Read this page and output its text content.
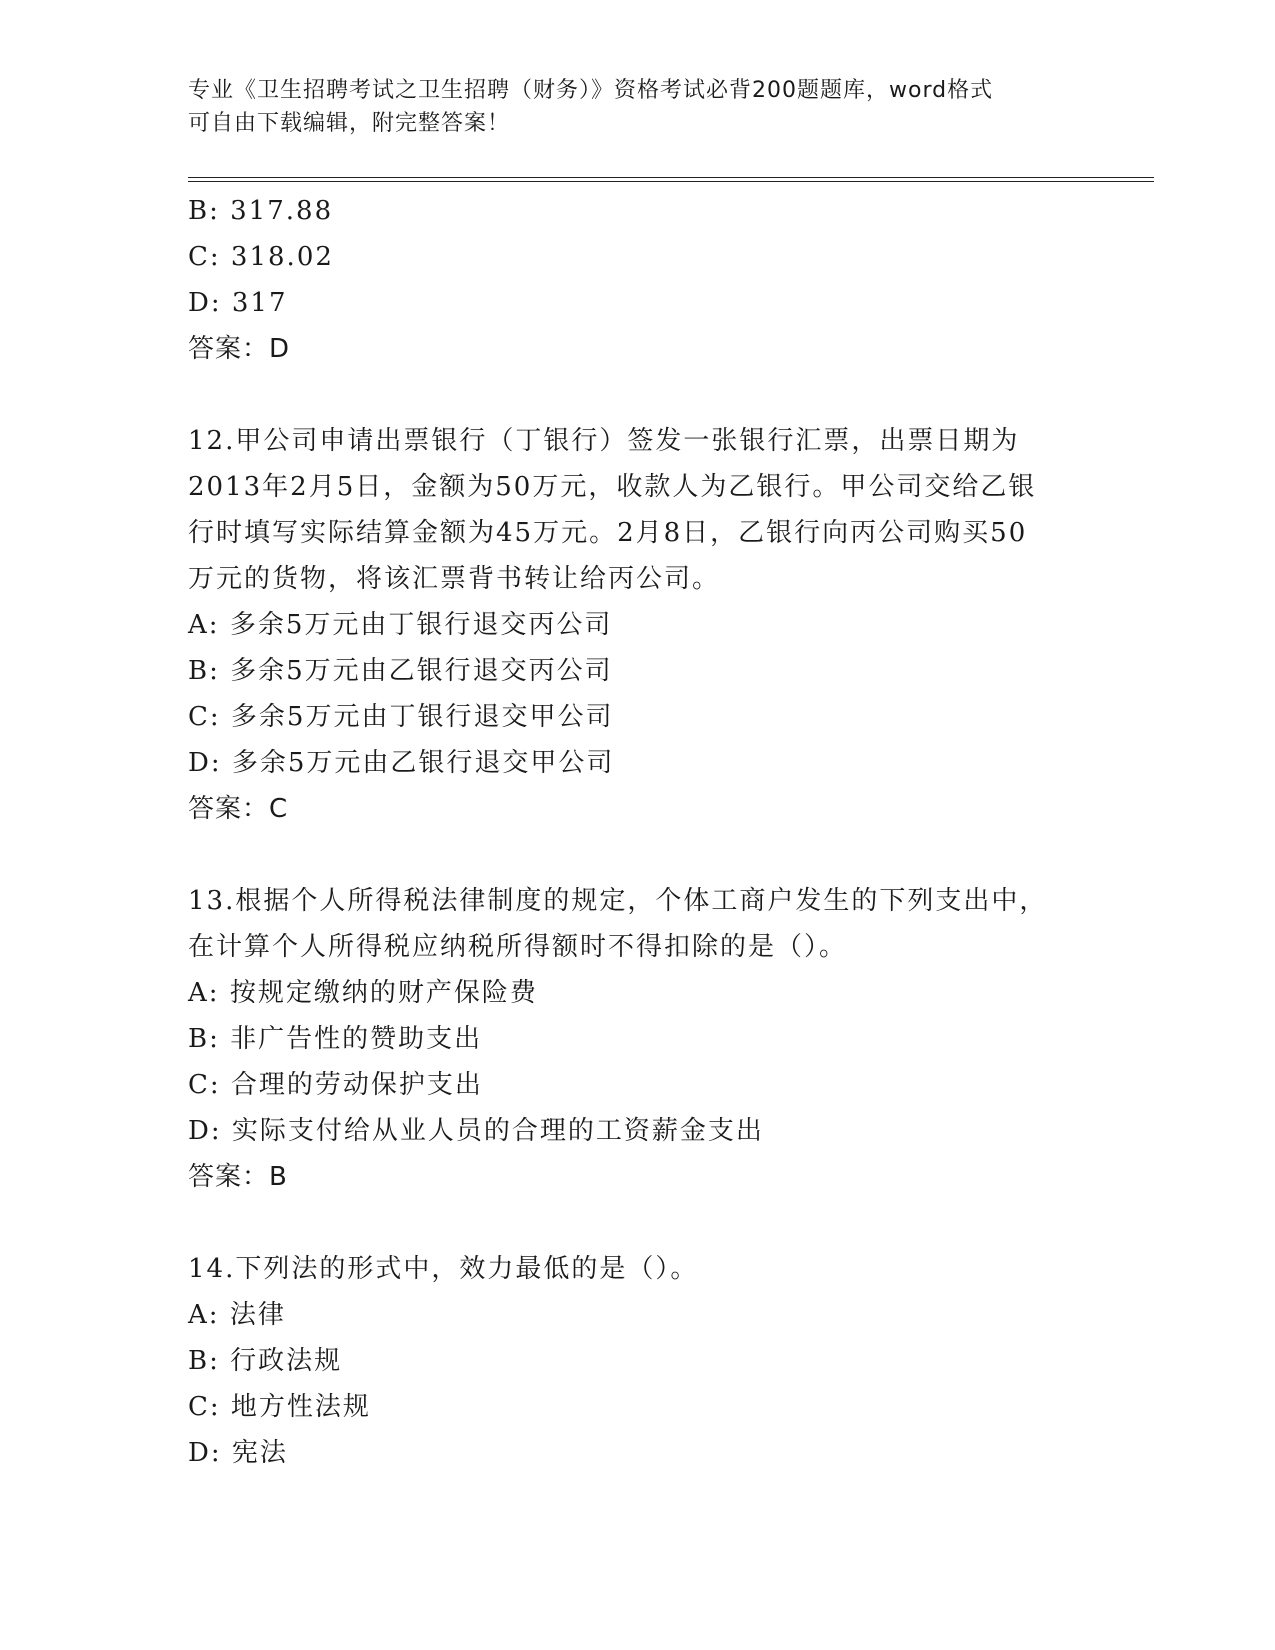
专业《卫生招聘考试之卫生招聘（财务）》资格考试必背200题题库，word格式
可自由下载编辑，附完整答案！
B: 317.88
C: 318.02
D: 317
答案：D
12.甲公司申请出票银行（丁银行）签发一张银行汇票，出票日期为
2013年2月5日，金额为50万元，收款人为乙银行。甲公司交给乙银
行时填写实际结算金额为45万元。2月8日，乙银行向丙公司购买50
万元的货物，将该汇票背书转让给丙公司。
A: 多余5万元由丁银行退交丙公司
B: 多余5万元由乙银行退交丙公司
C: 多余5万元由丁银行退交甲公司
D: 多余5万元由乙银行退交甲公司
答案：C
13.根据个人所得税法律制度的规定，个体工商户发生的下列支出中，
在计算个人所得税应纳税所得额时不得扣除的是（）。
A: 按规定缴纳的财产保险费
B: 非广告性的赞助支出
C: 合理的劳动保护支出
D: 实际支付给从业人员的合理的工资薪金支出
答案：B
14.下列法的形式中，效力最低的是（）。
A: 法律
B: 行政法规
C: 地方性法规
D: 宪法
